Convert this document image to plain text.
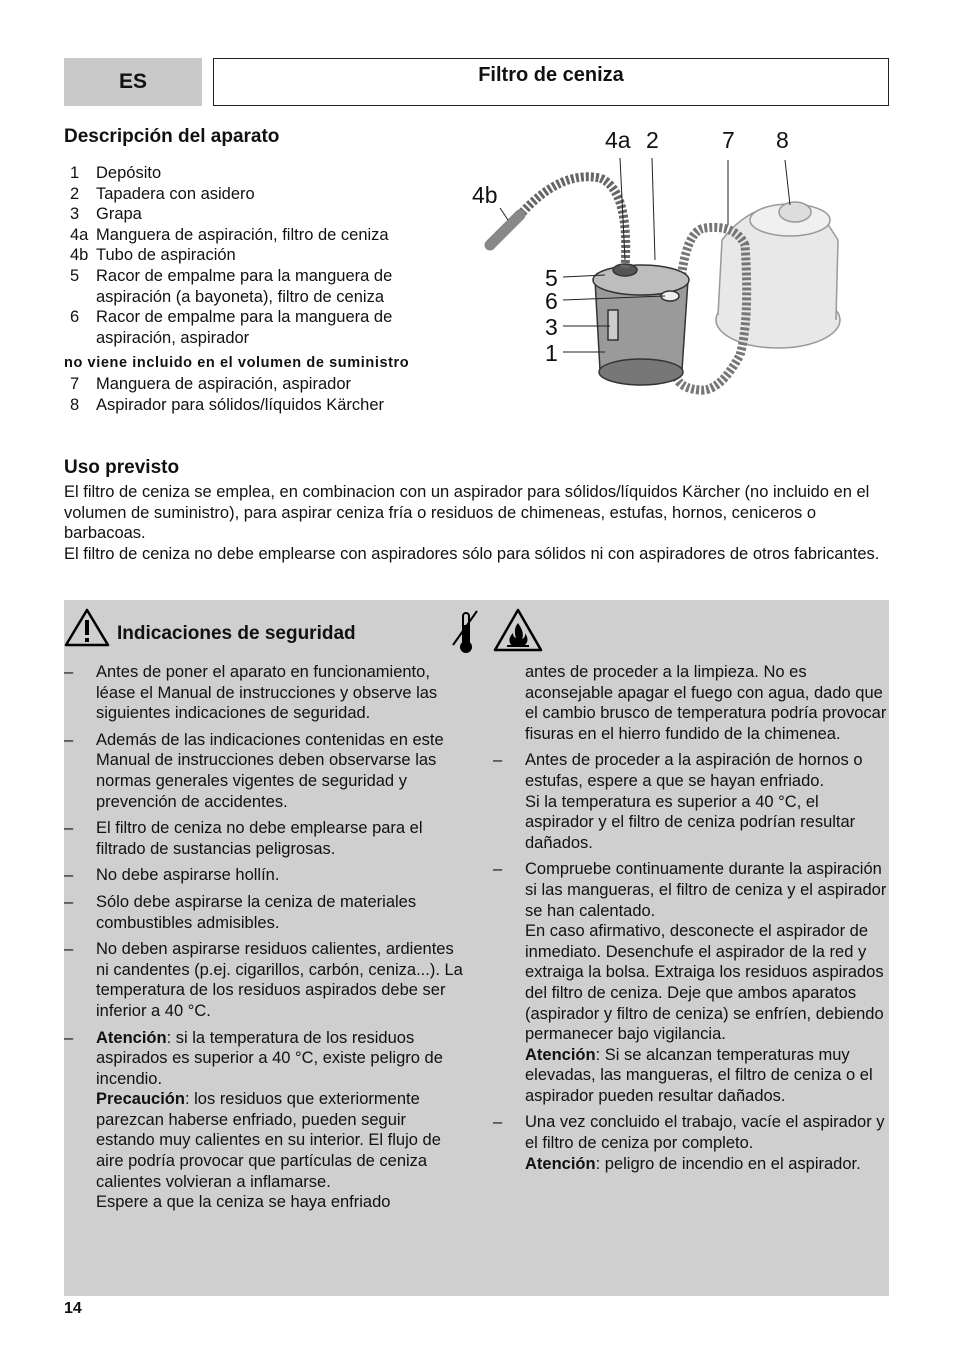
ES	Filtro de ceniza
Descripción del aparato
1	Depósito
2	Tapadera con asidero
3	Grapa
4a Manguera de aspiración, filtro de ceniza
4b Tubo de aspiración
5	Racor de empalme para la manguera de aspiración (a bayoneta), filtro de ceniza
6	Racor de empalme para la manguera de aspiración, aspirador
no viene incluido en el volumen de suministro
7	Manguera de aspiración, aspirador
8	Aspirador para sólidos/líquidos Kärcher
4a 2	7 8
4b
5
6
3
1
Uso previsto
El filtro de ceniza se emplea, en combinacion con un aspirador para sólidos/líquidos Kärcher (no incluido en el volumen de suministro), para aspirar ceniza fría o residuos de chimeneas, estufas, hornos, ceniceros o barbacoas.
El filtro de ceniza no debe emplearse con aspiradores sólo para sólidos ni con aspiradores de otros fabricantes.
Indicaciones de seguridad
–	Antes de poner el aparato en funcionamiento, léase el Manual de instrucciones y observe las siguientes indicaciones de seguridad.
–	Además de las indicaciones contenidas en este Manual de instrucciones deben observarse las normas generales vigentes de seguridad y prevención de accidentes.
–	El filtro de ceniza no debe emplearse para el filtrado de sustancias peligrosas.
–	No debe aspirarse hollín.
–	Sólo debe aspirarse la ceniza de materiales combustibles admisibles.
–	No deben aspirarse residuos calientes, ardientes ni candentes (p.ej. cigarillos, carbón, ceniza...). La temperatura de los residuos aspirados debe ser inferior a 40 °C.
–	Atención: si la temperatura de los residuos aspirados es superior a 40 °C, existe peligro de incendio.

Precaución: los residuos que exteriormente parezcan haberse enfriado, pueden seguir estando muy calientes en su interior. El flujo de aire podría provocar que partículas de ceniza calientes volvieran a inflamarse.

Espere a que la ceniza se haya enfriado

antes de proceder a la limpieza. No es aconsejable apagar el fuego con agua, dado que el cambio brusco de temperatura podría provocar fisuras en el hierro fundido de la chimenea.
–	Antes de proceder a la aspiración de hornos o estufas, espere a que se hayan enfriado.

Si la temperatura es superior a 40 °C, el aspirador y el filtro de ceniza podrían resultar dañados.

–	Compruebe continuamente durante la aspiración si las mangueras, el filtro de ceniza y el aspirador se han calentado.

En caso afirmativo, desconecte el aspirador de inmediato. Desenchufe el aspirador de la red y extraiga la bolsa. Extraiga los residuos aspirados del filtro de ceniza. Deje que ambos aparatos (aspirador y filtro de ceniza) se enfríen, debiendo permanecer bajo vigilancia.

Atención: Si se alcanzan temperaturas muy elevadas, las mangueras, el filtro de ceniza o el aspirador pueden resultar dañados.

–	Una vez concluido el trabajo, vacíe el aspirador y el filtro de ceniza por completo.

Atención: peligro de incendio en el aspirador.

14
